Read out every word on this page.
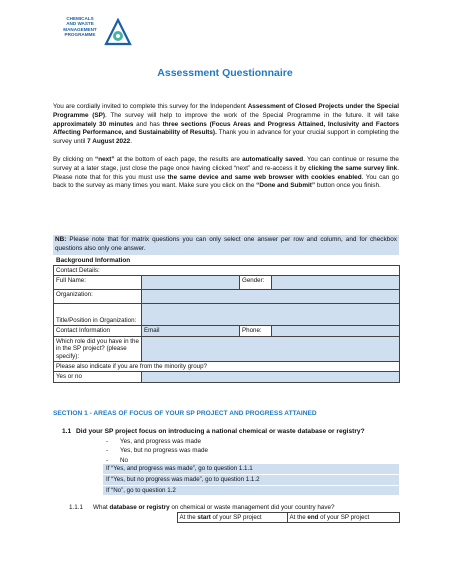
CHEMICALS
AND WASTE
MANAGEMENT
PROGRAMME
Assessment Questionnaire

You are cordially invited to complete this survey for the Independent Assessment of Closed Projects under the Special Programme (SP). The survey will help to improve the work of the Special Programme in the future. It will take approximately 30 minutes and has three sections (Focus Areas and Progress Attained, Inclusivity and Factors Affecting Performance, and Sustainability of Results). Thank you in advance for your crucial support in completing the survey until 7 August 2022.

By clicking on “next” at the bottom of each page, the results are automatically saved. You can continue or resume the survey at a later stage, just close the page once having clicked “next” and re-access it by clicking the same survey link. Please note that for this you must use the same device and same web browser with cookies enabled. You can go back to the survey as many times you want. Make sure you click on the “Done and Submit” button once you finish.

NB: Please note that for matrix questions you can only select one answer per row and column, and for checkbox questions also only one answer.
Background Information
Contact Details:			
Full Name:		Gender:	
Organization:			
Title/Position in Organization:			
Contact Information	Email	Phone:	
Which role did you have in the in the SP project? (please specify):			
Please also indicate if you are from the minority group?			
Yes or no			
SECTION 1 - AREAS OF FOCUS OF YOUR SP PROJECT AND PROGRESS ATTAINED
1.1 Did your SP project focus on introducing a national chemical or waste database or registry?
- Yes, and progress was made
- Yes, but no progress was made
- No
If “Yes, and progress was made”, go to question 1.1.1
If “Yes, but no progress was made”, go to question 1.1.2
If “No”, go to question 1.2
1.1.1 What database or registry on chemical or waste management did your country have?
	At the start of your SP project	At the end of your SP project
